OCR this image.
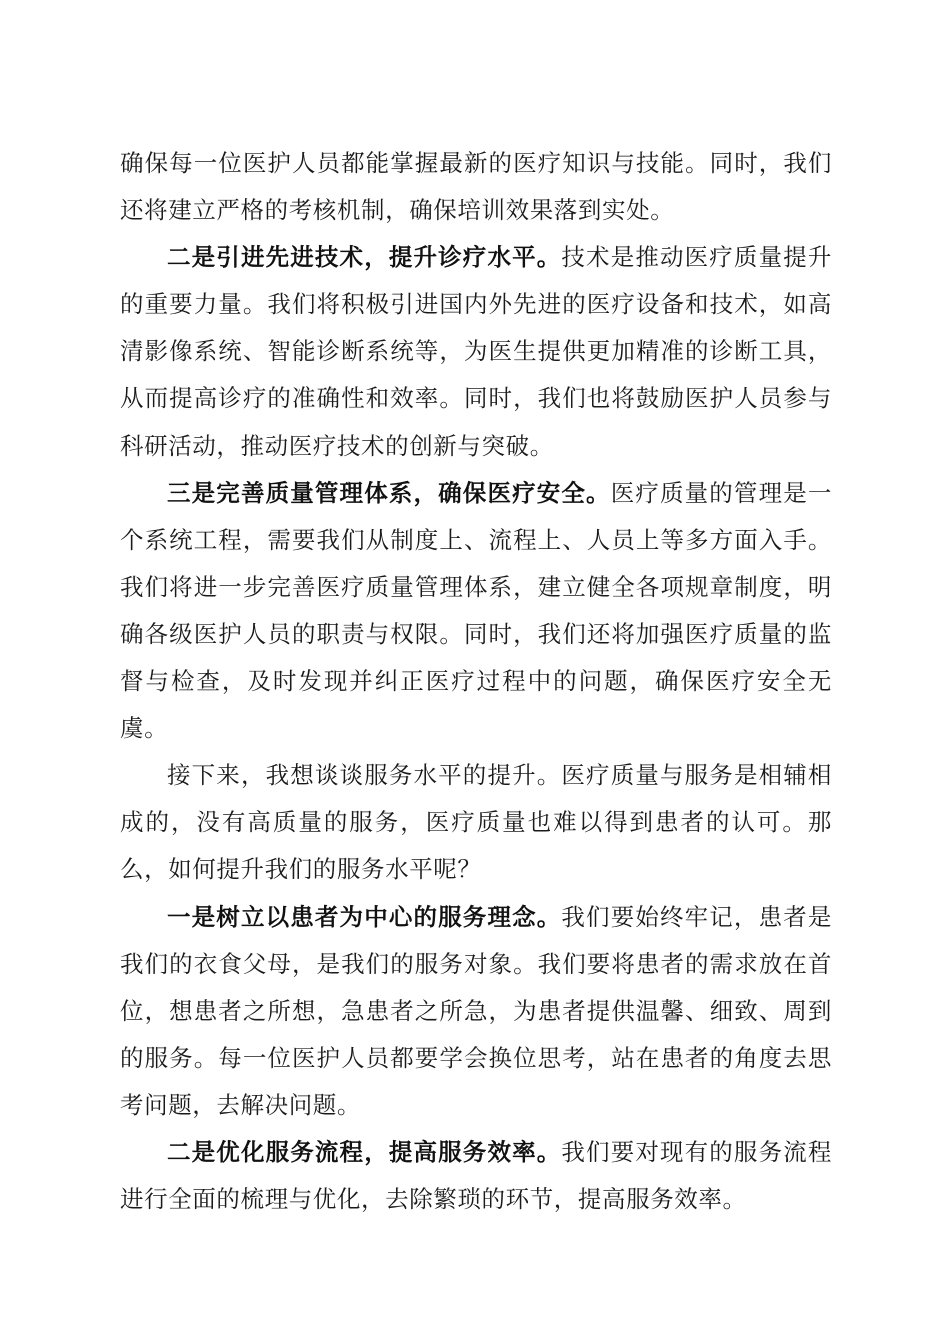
确保每一位医护人员都能掌握最新的医疗知识与技能。同时，我们还将建立严格的考核机制，确保培训效果落到实处。

二是引进先进技术，提升诊疗水平。技术是推动医疗质量提升的重要力量。我们将积极引进国内外先进的医疗设备和技术，如高清影像系统、智能诊断系统等，为医生提供更加精准的诊断工具，从而提高诊疗的准确性和效率。同时，我们也将鼓励医护人员参与科研活动，推动医疗技术的创新与突破。

三是完善质量管理体系，确保医疗安全。医疗质量的管理是一个系统工程，需要我们从制度上、流程上、人员上等多方面入手。我们将进一步完善医疗质量管理体系，建立健全各项规章制度，明确各级医护人员的职责与权限。同时，我们还将加强医疗质量的监督与检查，及时发现并纠正医疗过程中的问题，确保医疗安全无虞。

接下来，我想谈谈服务水平的提升。医疗质量与服务是相辅相成的，没有高质量的服务，医疗质量也难以得到患者的认可。那么，如何提升我们的服务水平呢？

一是树立以患者为中心的服务理念。我们要始终牢记，患者是我们的衣食父母，是我们的服务对象。我们要将患者的需求放在首位，想患者之所想，急患者之所急，为患者提供温馨、细致、周到的服务。每一位医护人员都要学会换位思考，站在患者的角度去思考问题，去解决问题。

二是优化服务流程，提高服务效率。我们要对现有的服务流程进行全面的梳理与优化，去除繁琐的环节，提高服务效率。
